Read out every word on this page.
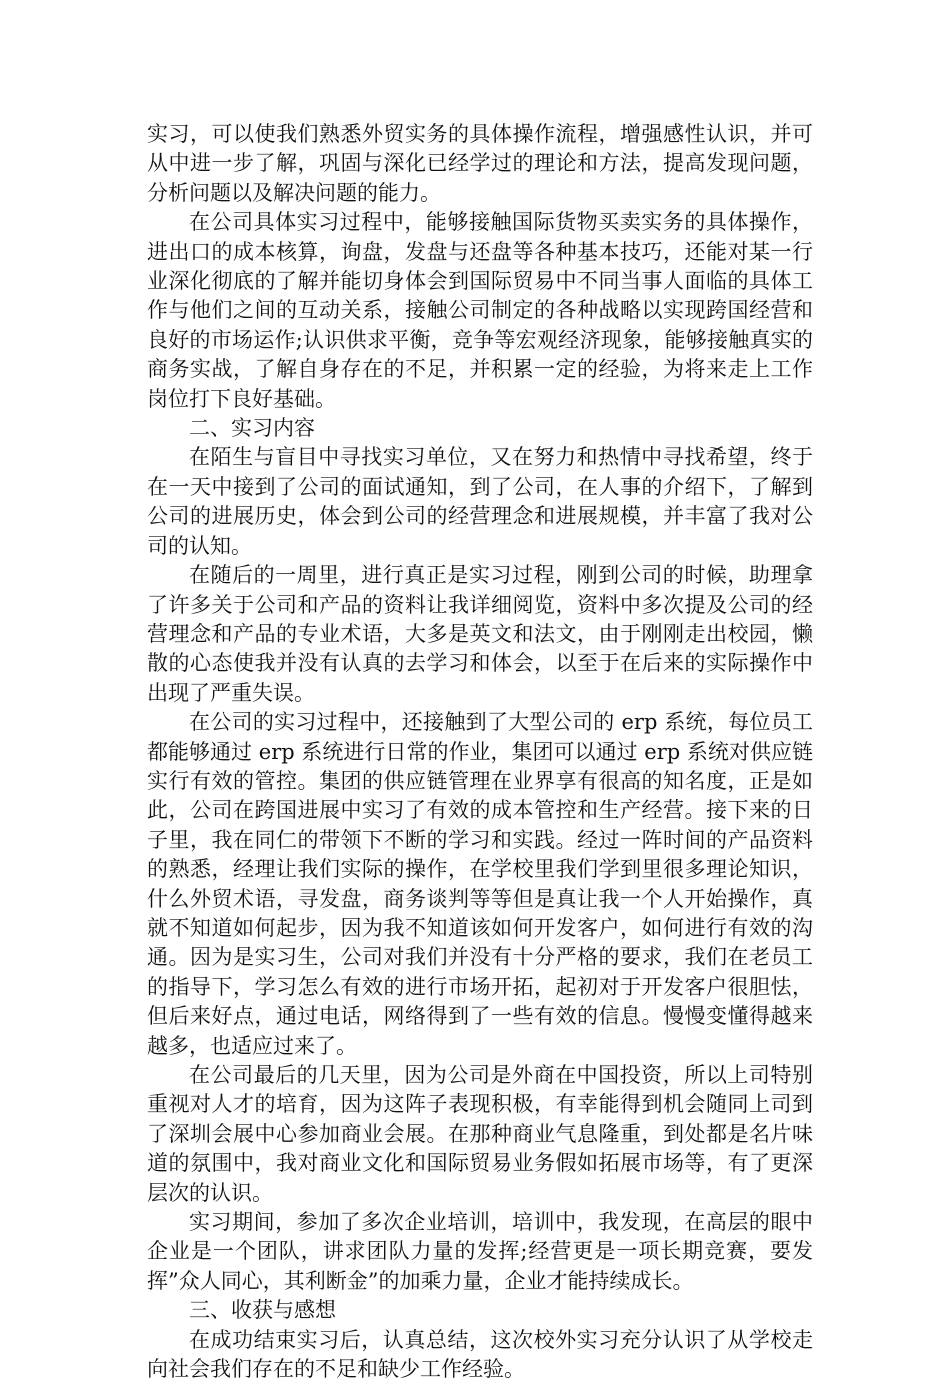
实习，可以使我们熟悉外贸实务的具体操作流程，增强感性认识，并可从中进一步了解，巩固与深化已经学过的理论和方法，提高发现问题，分析问题以及解决问题的能力。

在公司具体实习过程中，能够接触国际货物买卖实务的具体操作，进出口的成本核算，询盘，发盘与还盘等各种基本技巧，还能对某一行业深化彻底的了解并能切身体会到国际贸易中不同当事人面临的具体工作与他们之间的互动关系，接触公司制定的各种战略以实现跨国经营和良好的市场运作;认识供求平衡，竞争等宏观经济现象，能够接触真实的商务实战，了解自身存在的不足，并积累一定的经验，为将来走上工作岗位打下良好基础。

二、实习内容

在陌生与盲目中寻找实习单位，又在努力和热情中寻找希望，终于在一天中接到了公司的面试通知，到了公司，在人事的介绍下，了解到公司的进展历史，体会到公司的经营理念和进展规模，并丰富了我对公司的认知。

在随后的一周里，进行真正是实习过程，刚到公司的时候，助理拿了许多关于公司和产品的资料让我详细阅览，资料中多次提及公司的经营理念和产品的专业术语，大多是英文和法文，由于刚刚走出校园，懒散的心态使我并没有认真的去学习和体会，以至于在后来的实际操作中出现了严重失误。

在公司的实习过程中，还接触到了大型公司的 erp 系统，每位员工都能够通过 erp 系统进行日常的作业，集团可以通过 erp 系统对供应链实行有效的管控。集团的供应链管理在业界享有很高的知名度，正是如此，公司在跨国进展中实习了有效的成本管控和生产经营。接下来的日子里，我在同仁的带领下不断的学习和实践。经过一阵时间的产品资料的熟悉，经理让我们实际的操作，在学校里我们学到里很多理论知识，什么外贸术语，寻发盘，商务谈判等等但是真让我一个人开始操作，真就不知道如何起步，因为我不知道该如何开发客户，如何进行有效的沟通。因为是实习生，公司对我们并没有十分严格的要求，我们在老员工的指导下，学习怎么有效的进行市场开拓，起初对于开发客户很胆怯，但后来好点，通过电话，网络得到了一些有效的信息。慢慢变懂得越来越多，也适应过来了。

在公司最后的几天里，因为公司是外商在中国投资，所以上司特别重视对人才的培育，因为这阵子表现积极，有幸能得到机会随同上司到了深圳会展中心参加商业会展。在那种商业气息隆重，到处都是名片味道的氛围中，我对商业文化和国际贸易业务假如拓展市场等，有了更深层次的认识。

实习期间，参加了多次企业培训，培训中，我发现，在高层的眼中企业是一个团队，讲求团队力量的发挥;经营更是一项长期竞赛，要发挥”众人同心，其利断金”的加乘力量，企业才能持续成长。

三、收获与感想

在成功结束实习后，认真总结，这次校外实习充分认识了从学校走向社会我们存在的不足和缺少工作经验。
